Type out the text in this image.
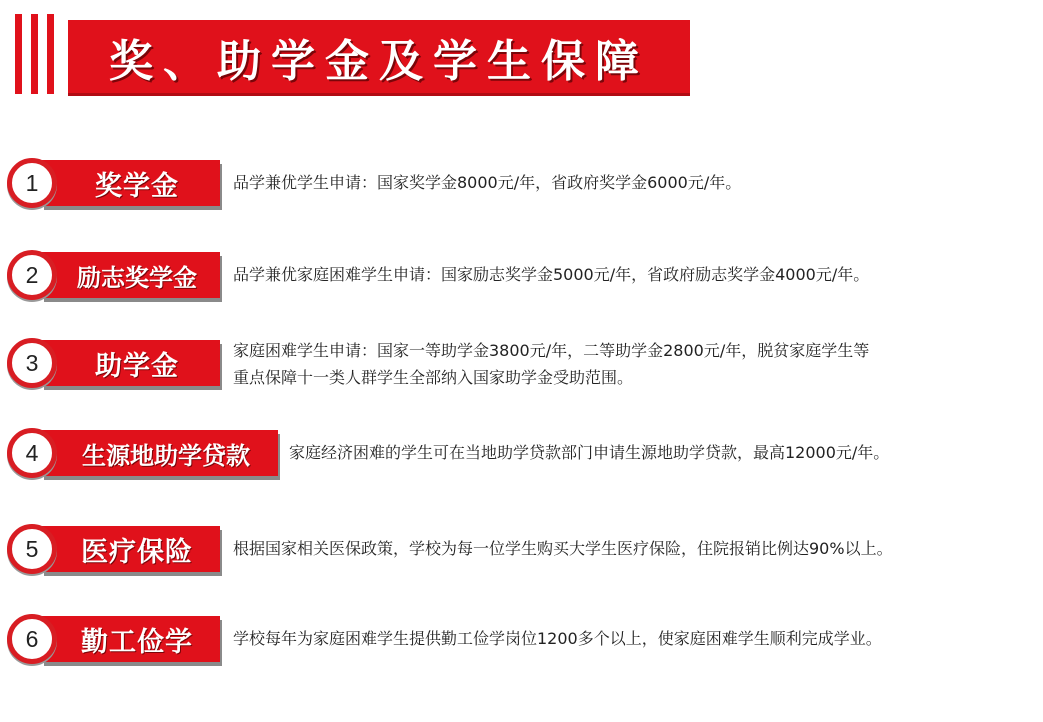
奖、助学金及学生保障
1	奖学金	品学兼优学生申请：国家奖学金8000元/年，省政府奖学金6000元/年。
2	励志奖学金	品学兼优家庭困难学生申请：国家励志奖学金5000元/年，省政府励志奖学金4000元/年。
3	助学金	家庭困难学生申请：国家一等助学金3800元/年，二等助学金2800元/年，脱贫家庭学生等
重点保障十一类人群学生全部纳入国家助学金受助范围。
4	生源地助学贷款	家庭经济困难的学生可在当地助学贷款部门申请生源地助学贷款，最高12000元/年。
5	医疗保险	根据国家相关医保政策，学校为每一位学生购买大学生医疗保险，住院报销比例达90%以上。
6	勤工俭学	学校每年为家庭困难学生提供勤工俭学岗位1200多个以上，使家庭困难学生顺利完成学业。
